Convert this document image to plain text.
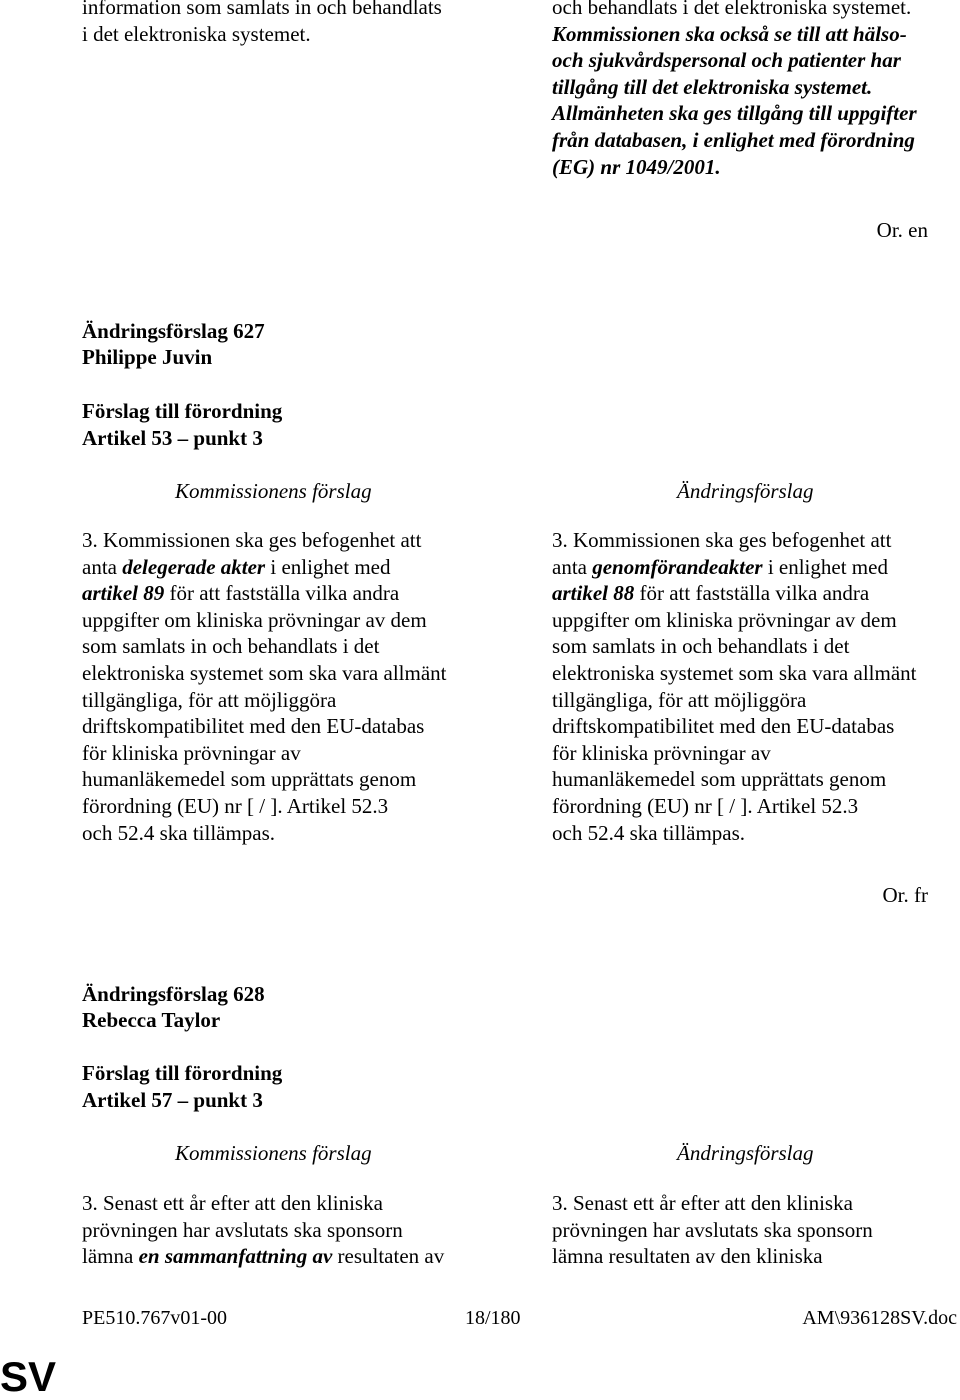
information som samlats in och behandlats
i det elektroniska systemet.
och behandlats i det elektroniska systemet.
Kommissionen ska också se till att hälso-
och sjukvårdspersonal och patienter har
tillgång till det elektroniska systemet.
Allmänheten ska ges tillgång till uppgifter
från databasen, i enlighet med förordning
(EG) nr 1049/2001.
Or. en
Ändringsförslag 627
Philippe Juvin
Förslag till förordning
Artikel 53 – punkt 3
Kommissionens förslag	Ändringsförslag
3. Kommissionen ska ges befogenhet att
anta delegerade akter i enlighet med
artikel 89 för att fastställa vilka andra
uppgifter om kliniska prövningar av dem
som samlats in och behandlats i det
elektroniska systemet som ska vara allmänt
tillgängliga, för att möjliggöra
driftskompatibilitet med den EU-databas
för kliniska prövningar av
humanläkemedel som upprättats genom
förordning (EU) nr [ / ]. Artikel 52.3
och 52.4 ska tillämpas.
3. Kommissionen ska ges befogenhet att
anta genomförandeakter i enlighet med
artikel 88 för att fastställa vilka andra
uppgifter om kliniska prövningar av dem
som samlats in och behandlats i det
elektroniska systemet som ska vara allmänt
tillgängliga, för att möjliggöra
driftskompatibilitet med den EU-databas
för kliniska prövningar av
humanläkemedel som upprättats genom
förordning (EU) nr [ / ]. Artikel 52.3
och 52.4 ska tillämpas.
Or. fr
Ändringsförslag 628
Rebecca Taylor
Förslag till förordning
Artikel 57 – punkt 3
Kommissionens förslag	Ändringsförslag
3. Senast ett år efter att den kliniska
prövningen har avslutats ska sponsorn
lämna en sammanfattning av resultaten av
3. Senast ett år efter att den kliniska
prövningen har avslutats ska sponsorn
lämna resultaten av den kliniska
PE510.767v01-00	18/180	AM\936128SV.doc
SV
